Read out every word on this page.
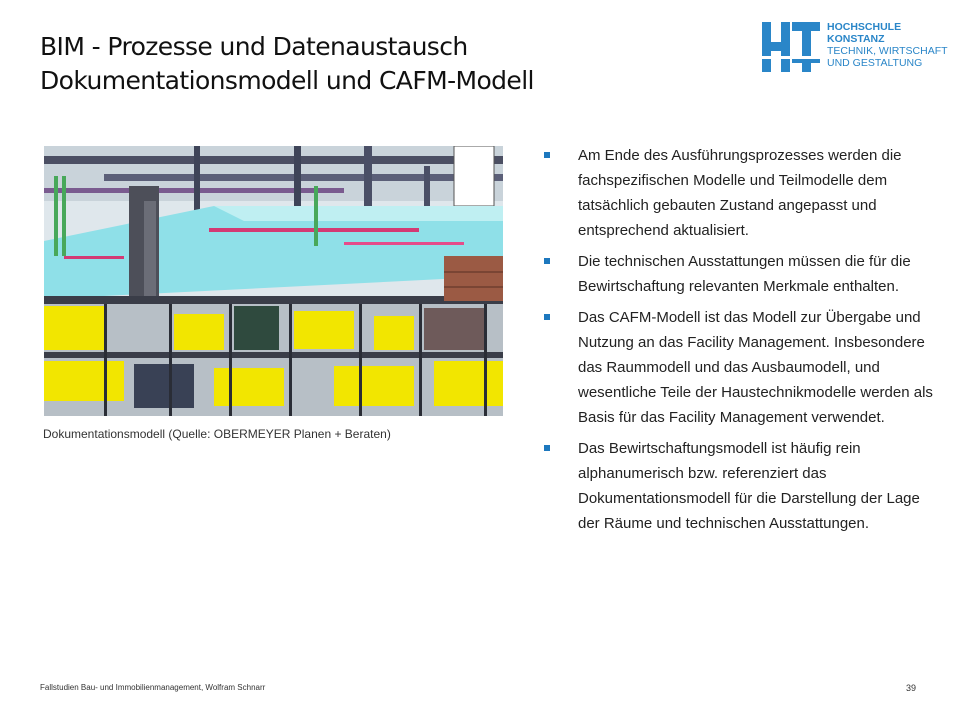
BIM - Prozesse und Datenaustausch
Dokumentationsmodell und CAFM-Modell
HOCHSCHULE
KONSTANZ
TECHNIK, WIRTSCHAFT
UND GESTALTUNG
Dokumentationsmodell (Quelle: OBERMEYER Planen + Beraten)
Am Ende des Ausführungsprozesses werden die fachspezifischen Modelle und Teilmodelle dem tatsächlich gebauten Zustand angepasst und entsprechend aktualisiert.
Die technischen Ausstattungen müssen die für die Bewirtschaftung relevanten Merkmale enthalten.
Das CAFM-Modell ist das Modell zur Übergabe und Nutzung an das Facility Management. Insbesondere das Raummodell und das Ausbaumodell, und wesentliche Teile der Haustechnikmodelle werden als Basis für das Facility Management verwendet.
Das Bewirtschaftungsmodell ist häufig rein alphanumerisch bzw. referenziert das Dokumentationsmodell für die Darstellung der Lage der Räume und technischen Ausstattungen.
Fallstudien Bau- und Immobilienmanagement, Wolfram Schnarr	39
